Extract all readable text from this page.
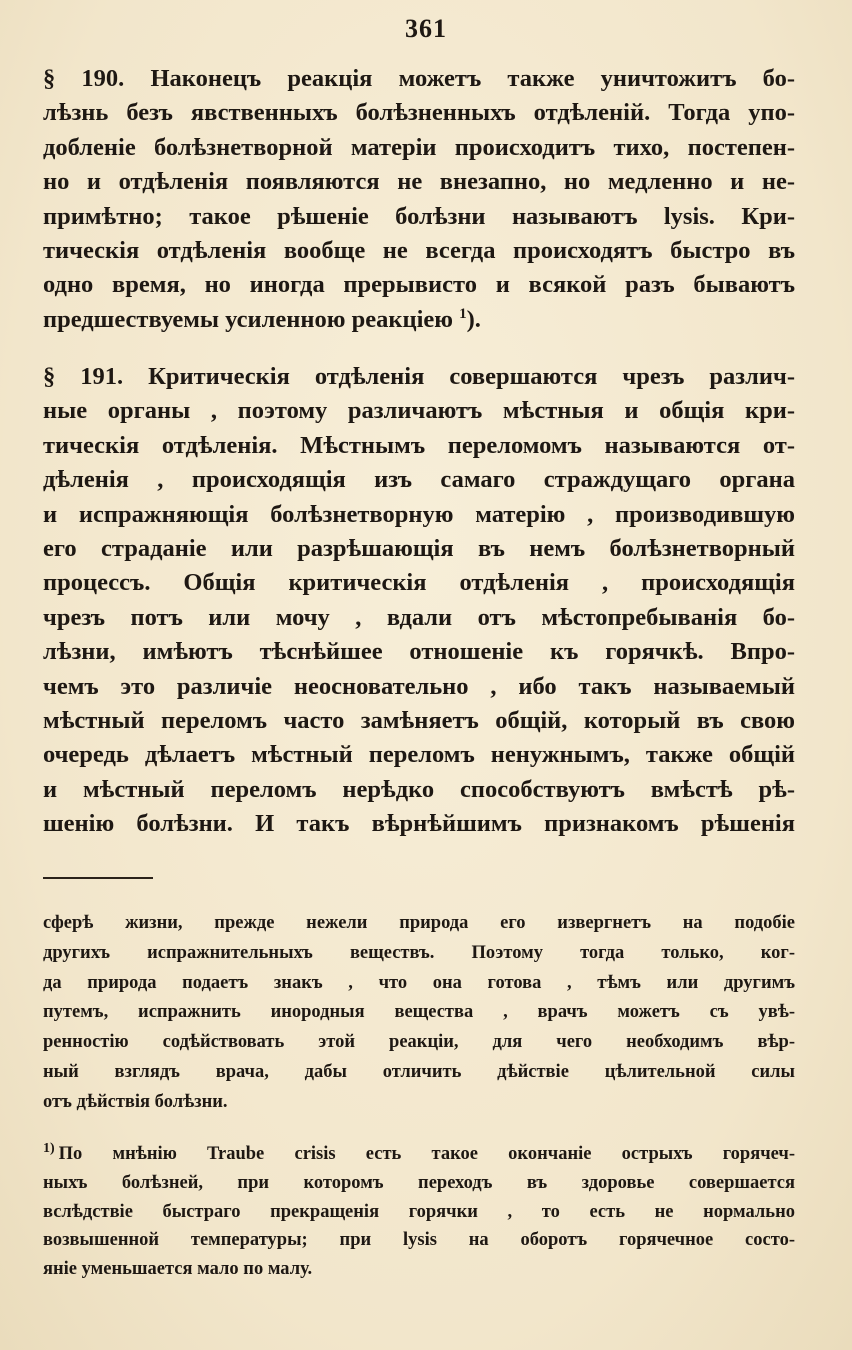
361
§ 190. Наконецъ реакція можетъ также уничтожитъ бо-
лѣзнь безъ явственныхъ болѣзненныхъ отдѣленій. Тогда упо-
добленіе болѣзнетворной матеріи происходитъ тихо, постепен-
но и отдѣленія появляются не внезапно, но медленно и не-
примѣтно; такое рѣшеніе болѣзни называютъ lysis. Кри-
тическія отдѣленія вообще не всегда происходятъ быстро въ
одно время, но иногда прерывисто и всякой разъ бываютъ
предшествуемы усиленною реакціею $^1$).
§ 191. Критическія отдѣленія совершаются чрезъ различ-
ные органы , поэтому различаютъ мѣстныя и общія кри-
тическія отдѣленія. Мѣстнымъ переломомъ называются от-
дѣленія , происходящія изъ самаго страждущаго органа
и испражняющія болѣзнетворную матерію , производившую
его страданіе или разрѣшающія въ немъ болѣзнетворный
процессъ. Общія критическія отдѣленія , происходящія
чрезъ потъ или мочу , вдали отъ мѣстопребыванія бо-
лѣзни, имѣютъ тѣснѣйшее отношеніе къ горячкѣ. Впро-
чемъ это различіе неосновательно , ибо такъ называемый
мѣстный переломъ часто замѣняетъ общій, который въ свою
очередь дѣлаетъ мѣстный переломъ ненужнымъ, также общій
и мѣстный переломъ нерѣдко способствуютъ вмѣстѣ рѣ-
шенію болѣзни. И такъ вѣрнѣйшимъ признакомъ рѣшенія
сферѣ жизни, прежде нежели природа его извергнетъ на подобіе
другихъ испражнительныхъ веществъ. Поэтому тогда только, ког-
да природа подаетъ знакъ , что она готова , тѣмъ или другимъ
путемъ, испражнить инородныя вещества , врачъ можетъ съ увѣ-
ренностію содѣйствовать этой реакціи, для чего необходимъ вѣр-
ный взглядъ врача, дабы отличить дѣйствіе цѣлительной силы
отъ дѣйствія болѣзни.
$^{1)}$ По мнѣнію Traube crisis есть такое окончаніе острыхъ горячеч-
ныхъ болѣзней, при которомъ переходъ въ здоровье совершается
вслѣдствіе быстраго прекращенія горячки , то есть не нормально
возвышенной температуры; при lysis на оборотъ горячечное состо-
яніе уменьшается мало по малу.
